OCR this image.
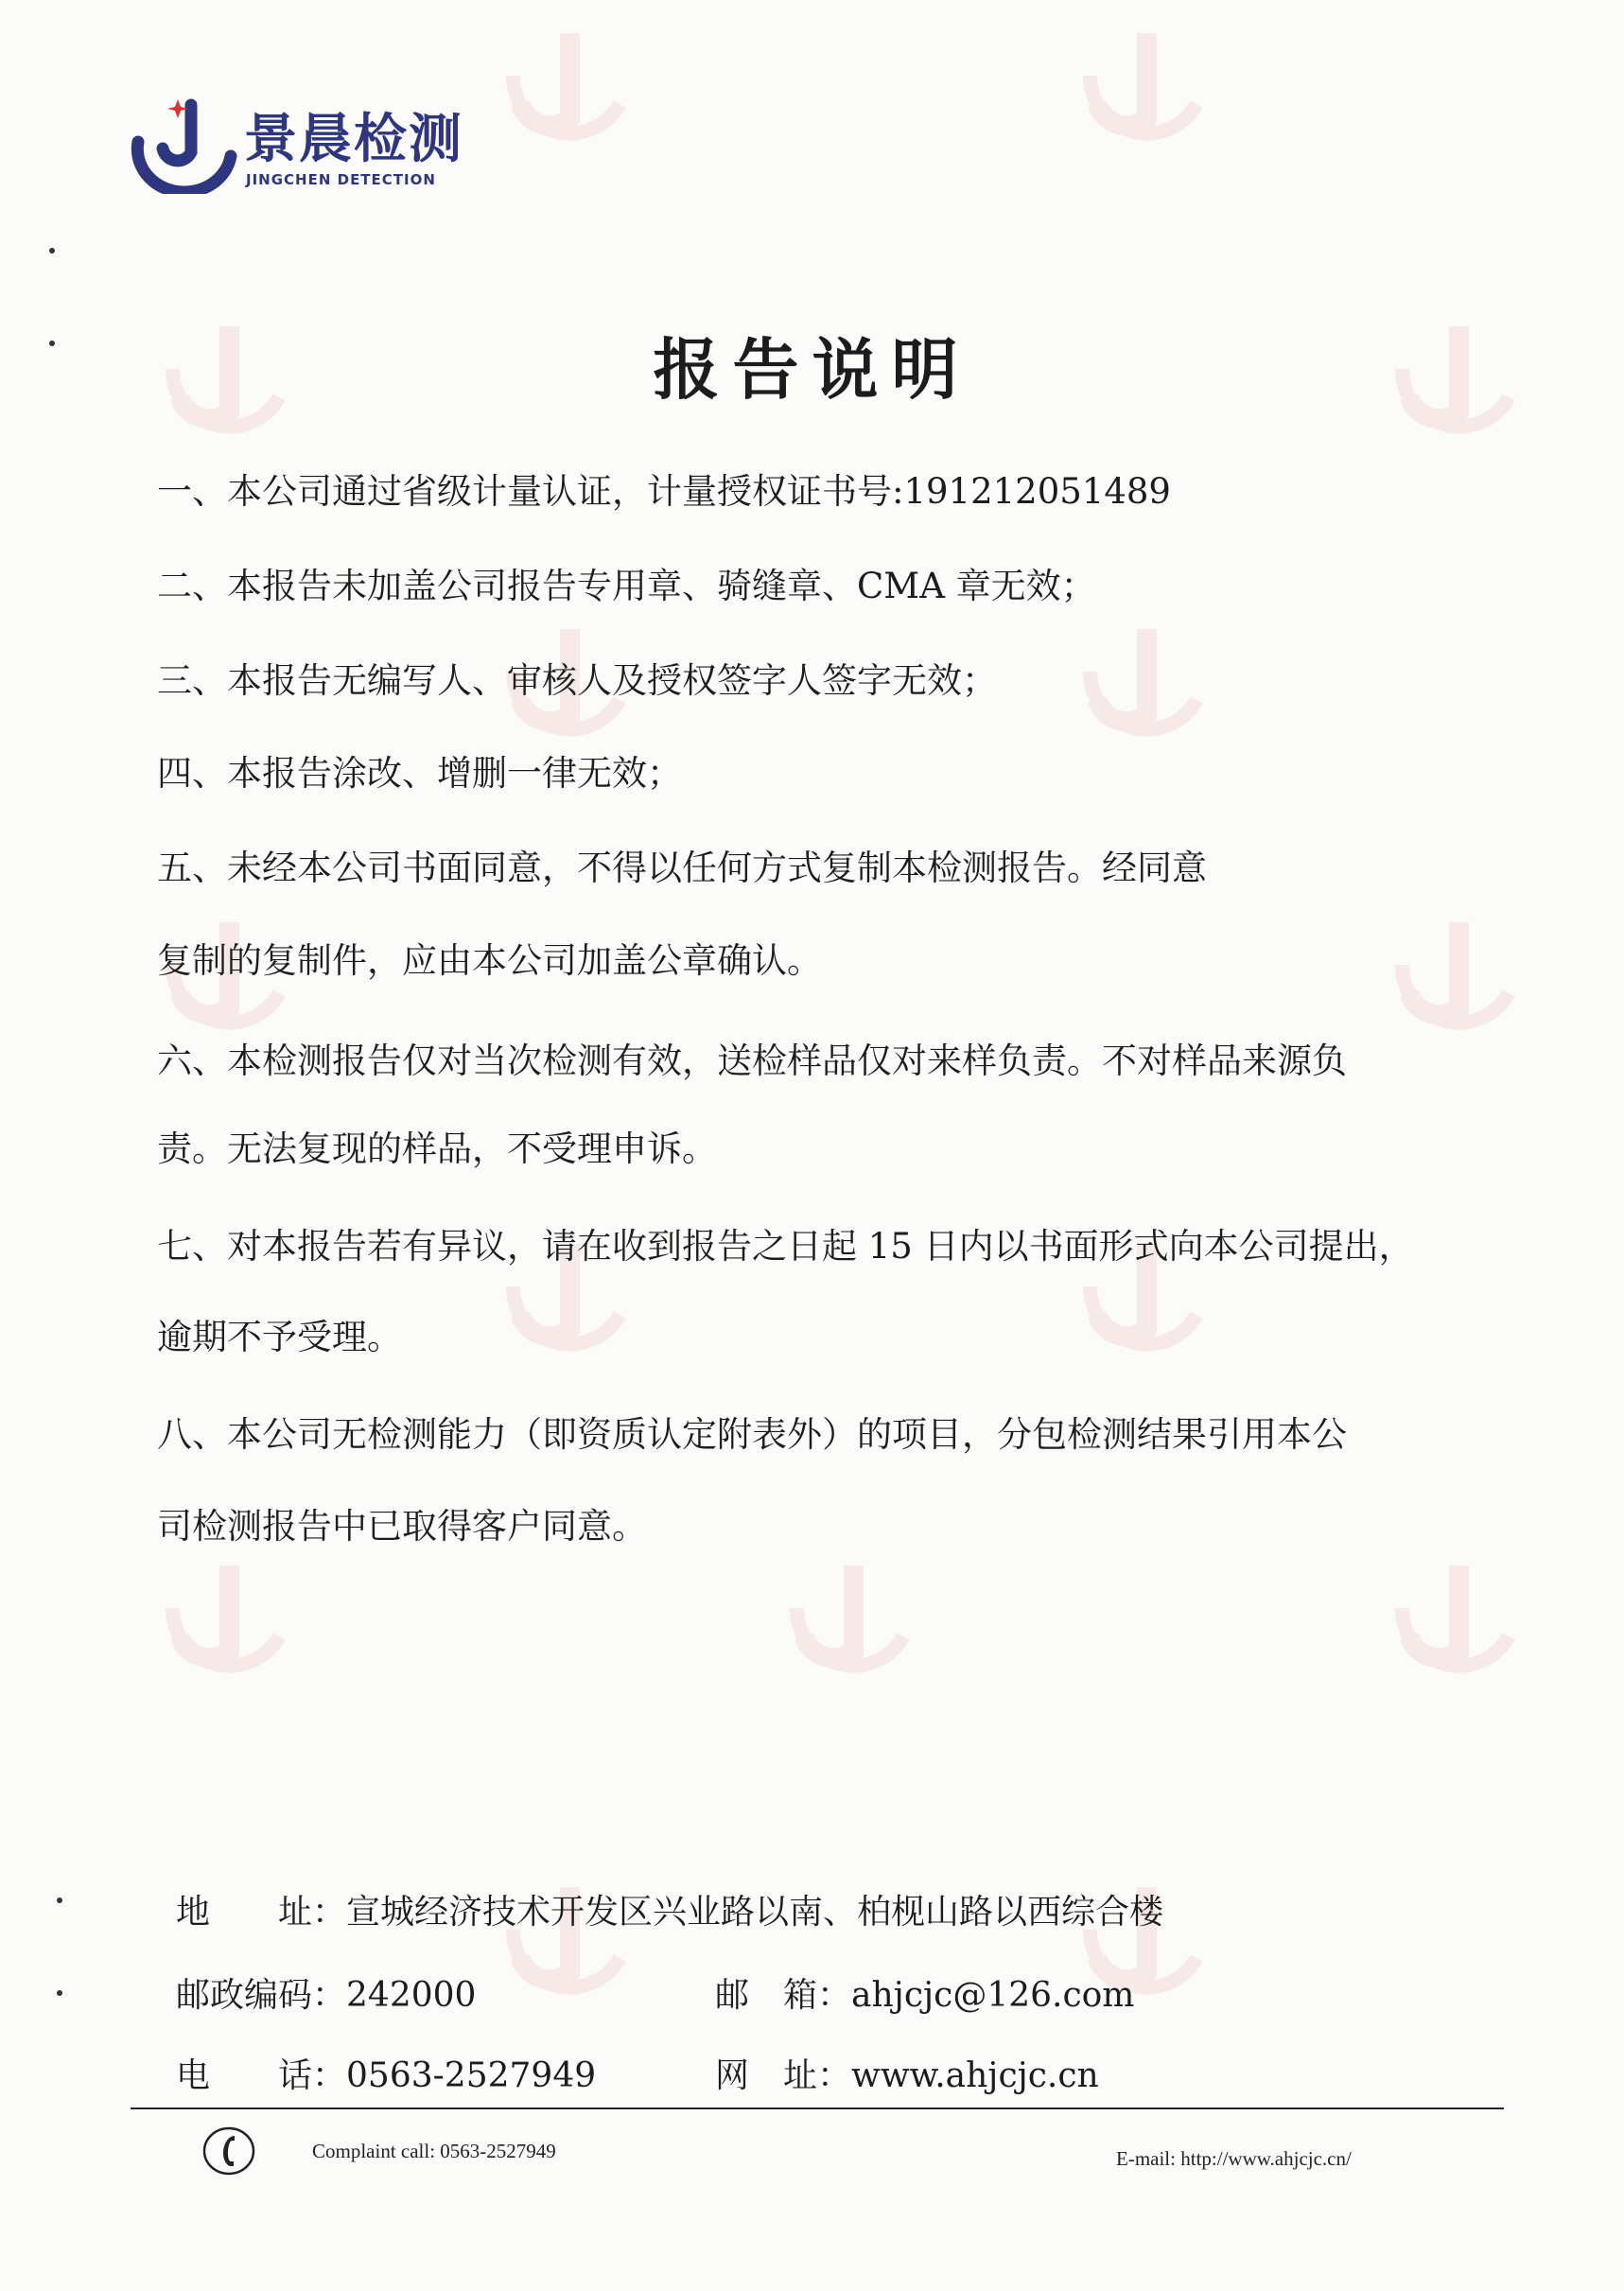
景晨检测
JINGCHEN DETECTION
报告说明
一、本公司通过省级计量认证，计量授权证书号:191212051489
二、本报告未加盖公司报告专用章、骑缝章、CMA 章无效；
三、本报告无编写人、审核人及授权签字人签字无效；
四、本报告涂改、增删一律无效；
五、未经本公司书面同意，不得以任何方式复制本检测报告。经同意
复制的复制件，应由本公司加盖公章确认。
六、本检测报告仅对当次检测有效，送检样品仅对来样负责。不对样品来源负
责。无法复现的样品，不受理申诉。
七、对本报告若有异议，请在收到报告之日起 15 日内以书面形式向本公司提出，
逾期不予受理。
八、本公司无检测能力（即资质认定附表外）的项目，分包检测结果引用本公
司检测报告中已取得客户同意。
地　　址：宣城经济技术开发区兴业路以南、柏枧山路以西综合楼
邮政编码：242000	邮　箱：ahjcjc@126.com
电　　话：0563-2527949	网　址：www.ahjcjc.cn
Complaint call: 0563-2527949	E-mail: http://www.ahjcjc.cn/
